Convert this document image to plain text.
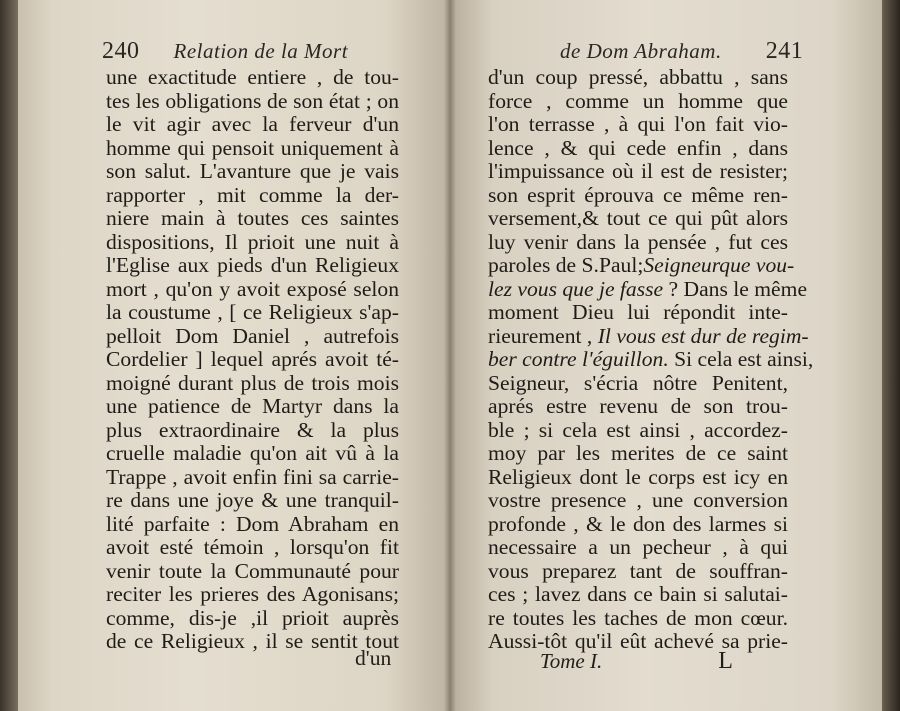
240 Relation de la Mort
une exactitude entiere , de tou-
tes les obligations de son état ; on
le vit agir avec la ferveur d'un
homme qui pensoit uniquement à
son salut. L'avanture que je vais
rapporter , mit comme la der-
niere main à toutes ces saintes
dispositions, Il prioit une nuit à
l'Eglise aux pieds d'un Religieux
mort , qu'on y avoit exposé selon
la coustume , [ ce Religieux s'ap-
pelloit Dom Daniel , autrefois
Cordelier ] lequel aprés avoit té-
moigné durant plus de trois mois
une patience de Martyr dans la
plus extraordinaire & la plus
cruelle maladie qu'on ait vû à la
Trappe , avoit enfin fini sa carrie-
re dans une joye & une tranquil-
lité parfaite : Dom Abraham en
avoit esté témoin , lorsqu'on fit
venir toute la Communauté pour
reciter les prieres des Agonisans;
comme, dis-je ,il prioit auprès
de ce Religieux , il se sentit tout
d'un
de Dom Abraham. 241
d'un coup pressé, abbattu , sans
force , comme un homme que
l'on terrasse , à qui l'on fait vio-
lence , & qui cede enfin , dans
l'impuissance où il est de resister;
son esprit éprouva ce même ren-
versement,& tout ce qui pût alors
luy venir dans la pensée , fut ces
paroles de S.Paul;Seigneurque vou-
lez vous que je fasse ? Dans le même
moment Dieu lui répondit inte-
rieurement , Il vous est dur de regim-
ber contre l'éguillon. Si cela est ainsi,
Seigneur, s'écria nôtre Penitent,
aprés estre revenu de son trou-
ble ; si cela est ainsi , accordez-
moy par les merites de ce saint
Religieux dont le corps est icy en
vostre presence , une conversion
profonde , & le don des larmes si
necessaire a un pecheur , à qui
vous preparez tant de souffran-
ces ; lavez dans ce bain si salutai-
re toutes les taches de mon cœur.
Aussi-tôt qu'il eût achevé sa prie-
Tome I.	L
